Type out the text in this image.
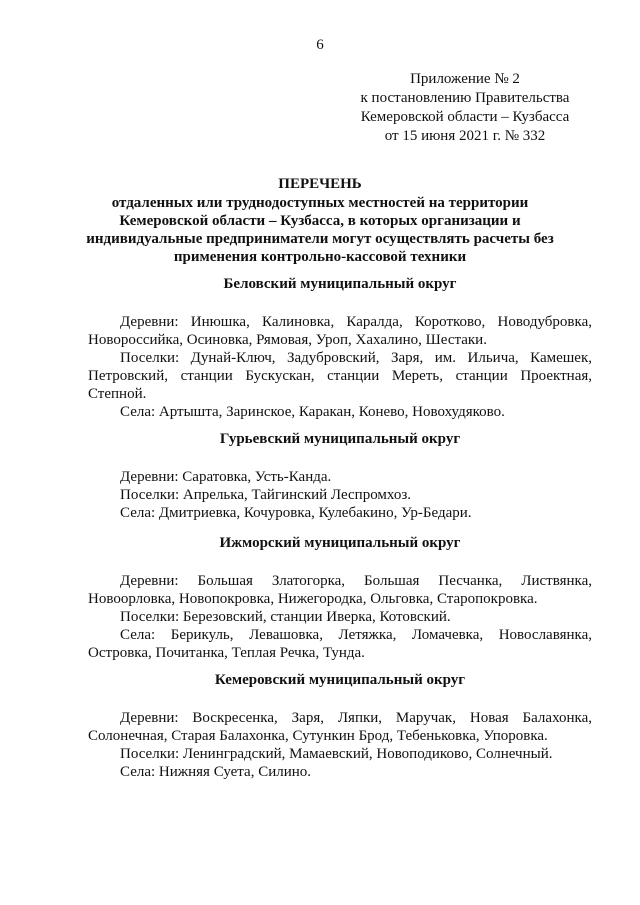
6
Приложение № 2
к постановлению Правительства
Кемеровской области – Кузбасса
от 15 июня 2021 г. № 332
ПЕРЕЧЕНЬ
отдаленных или труднодоступных местностей на территории
Кемеровской области – Кузбасса, в которых организации и
индивидуальные предприниматели могут осуществлять расчеты без
применения контрольно-кассовой техники
Беловский муниципальный округ

Деревни: Инюшка, Калиновка, Каралда, Коротково, Новодубровка, Новороссийка, Осиновка, Рямовая, Уроп, Хахалино, Шестаки.

Поселки: Дунай-Ключ, Задубровский, Заря, им. Ильича, Камешек, Петровский, станции Бускускан, станции Мереть, станции Проектная, Степной.

Села: Артышта, Заринское, Каракан, Конево, Новохудяково.

Гурьевский муниципальный округ

Деревни: Саратовка, Усть-Канда.

Поселки: Апрелька, Тайгинский Леспромхоз.

Села: Дмитриевка, Кочуровка, Кулебакино, Ур-Бедари.

Ижморский муниципальный округ

Деревни: Большая Златогорка, Большая Песчанка, Листвянка, Новоорловка, Новопокровка, Нижегородка, Ольговка, Старопокровка.

Поселки: Березовский, станции Иверка, Котовский.

Села: Берикуль, Левашовка, Летяжка, Ломачевка, Новославянка, Островка, Почитанка, Теплая Речка, Тунда.

Кемеровский муниципальный округ

Деревни: Воскресенка, Заря, Ляпки, Маручак, Новая Балахонка, Солонечная, Старая Балахонка, Сутункин Брод, Тебеньковка, Упоровка.

Поселки: Ленинградский, Мамаевский, Новоподиково, Солнечный.

Села: Нижняя Суета, Силино.
